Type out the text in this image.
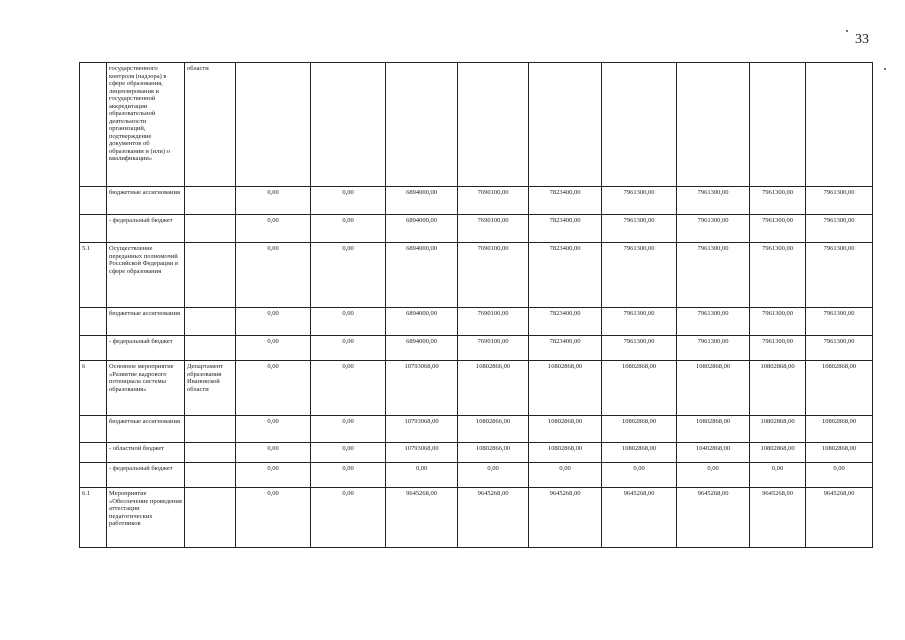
33
	государственного контроля (надзора) в сфере образования, лицензирования и государственной аккредитации образовательной деятельности организаций, подтверждение документов об образовании и (или) о квалификации»	области									
	бюджетные ассигнования		0,00	0,00	6894000,00	7690100,00	7823400,00	7961300,00	7961300,00	7961300,00	7961300,00
	- федеральный бюджет		0,00	0,00	6894000,00	7690100,00	7823400,00	7961300,00	7961300,00	7961300,00	7961300,00
5.1	Осуществление переданных полномочий Российской Федерации в сфере образования		0,00	0,00	6894000,00	7690100,00	7823400,00	7961300,00	7961300,00	7961300,00	7961300,00
	бюджетные ассигнования		0,00	0,00	6894000,00	7690100,00	7823400,00	7961300,00	7961300,00	7961300,00	7961300,00
	- федеральный бюджет		0,00	0,00	6894000,00	7690100,00	7823400,00	7961300,00	7961300,00	7961300,00	7961300,00
6	Основное мероприятие «Развитие кадрового потенциала системы образования»	Департамент образования Ивановской области	0,00	0,00	10793068,00	10802866,00	10802868,00	10802868,00	10802868,00	10802868,00	10802868,00
	бюджетные ассигнования		0,00	0,00	10793068,00	10802866,00	10802868,00	10802868,00	10802868,00	10802868,00	10802868,00
	- областной бюджет		0,00	0,00	10793068,00	10802866,00	10802868,00	10802868,00	10402868,00	10802868,00	10802868,00
	- федеральный бюджет		0,00	0,00	0,00	0,00	0,00	0,00	0,00	0,00	0,00
6.1	Мероприятие «Обеспечение проведения аттестации педагогических работников		0,00	0,00	9645268,00	9645268,00	9645268,00	9645268,00	9645268,00	9645268,00	9645268,00
